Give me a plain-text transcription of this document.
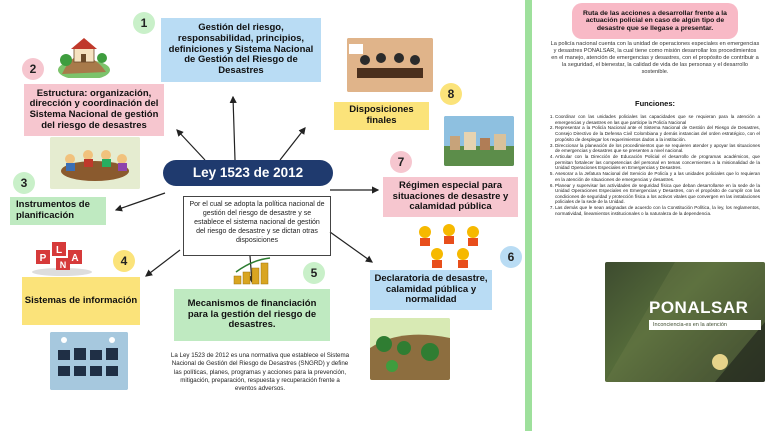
1	Gestión del riesgo, responsabilidad, principios, definiciones y Sistema Nacional de Gestión del Riesgo de Desastres
2
Estructura: organización, dirección y coordinación del Sistema Nacional de gestión del riesgo de desastres
3
Instrumentos de planificación
P
L
A
N	4
Sistemas de información
Ley 1523 de 2012
Por el cual se adopta la política nacional de gestión del riesgo de desastre y se establece el sistema nacional de gestión del riesgo de desastre y se dictan otras disposiciones
5
Mecanismos de financiación para la gestión del riesgo de desastres.
La Ley 1523 de 2012 es una normativa que establece el Sistema Nacional de Gestión del Riesgo de Desastres (SNGRD) y define las políticas, planes, programas y acciones para la prevención, mitigación, preparación, respuesta y recuperación frente a eventos adversos.
8
Disposiciones finales
7
Régimen especial para situaciones de desastre y calamidad pública
6
Declaratoria de desastre, calamidad pública y normalidad
Ruta de las acciones a desarrollar frente a la actuación policial en caso de algún tipo de desastre que se llegase a presentar.
La policía nacional cuenta con la unidad de operaciones especiales en emergencias y desastres PONALSAR, la cual tiene como misión desarrollar los procedimientos en el manejo, atención de emergencias y desastres, con el propósito de contribuir a la seguridad, el bienestar, la calidad de vida de las personas y el desarrollo sostenible.
Funciones:
1. Coordinar con las unidades policiales las capacidades que se requieran para la atención a emergencias y desastres en las que participe la Policía Nacional
2. Representar a la Policía Nacional ante el Sistema Nacional de Gestión del Riesgo de Desastres, Consejo Directivo de la Defensa Civil Colombiana y demás instancias del orden estratégico, con el propósito de desplegar los requerimientos dados a la institución.
3. Direccionar la planeación de los procedimientos que se requieren atender y apoyar las situaciones de emergencias y desastres que se presenten a nivel nacional.
4. Articular con la Dirección de Educación Policial el desarrollo de programas académicos, que permitan fortalecer las competencias del personal en temas concernientes a la misionalidad de la Unidad Operaciones Especiales en Emergencias y Desastres.
5. Asesorar a la Jefatura Nacional del Servicio de Policía y a las unidades policiales que lo requieran en la atención de situaciones de emergencias y desastres.
6. Planear y supervisar las actividades de seguridad física que deban desarrollarse en la sede de la Unidad Operaciones Especiales en Emergencias y Desastres, con el propósito de cumplir con las condiciones de seguridad y protección física a los activos vitales que convergen en las instalaciones policiales de la sede de la Unidad.
7. Las demás que le sean asignadas de acuerdo con la Constitución Política, la ley, los reglamentos, normatividad, lineamientos institucionales o la naturaleza de la dependencia.
PONALSAR
Inconciencia-es en la atención
